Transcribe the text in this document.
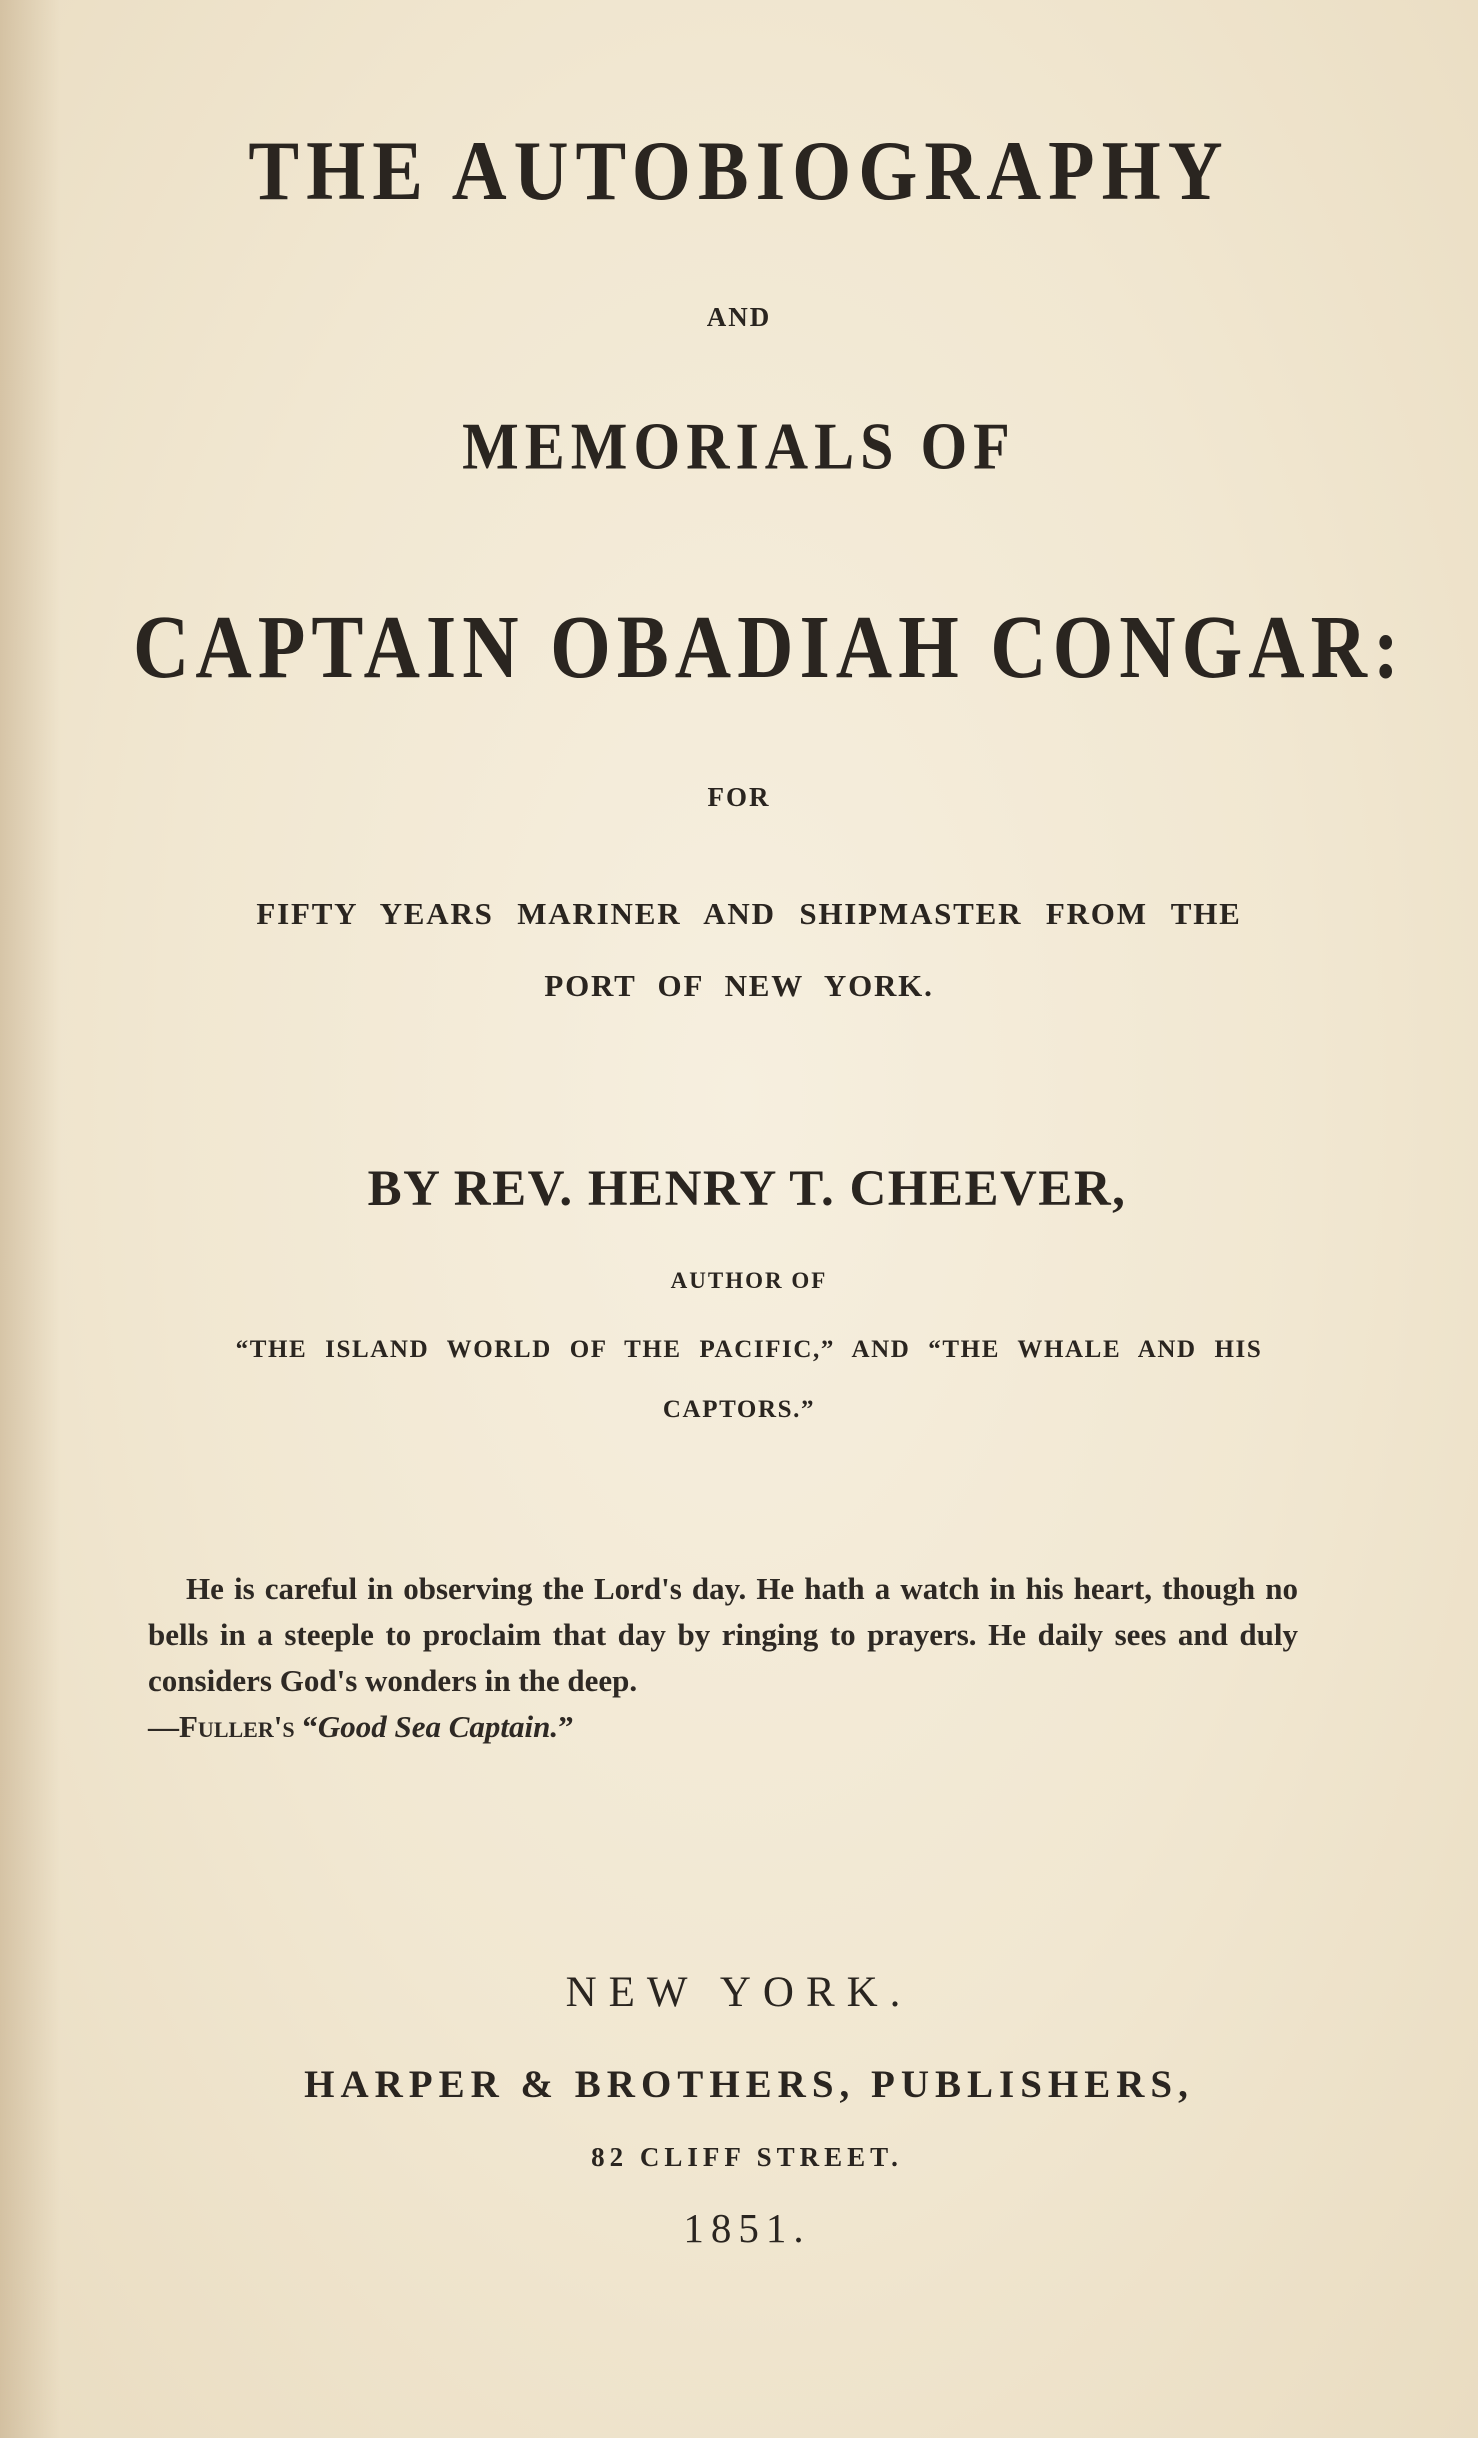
THE AUTOBIOGRAPHY
AND
MEMORIALS OF
CAPTAIN OBADIAH CONGAR:
FOR
FIFTY YEARS MARINER AND SHIPMASTER FROM THE
PORT OF NEW YORK.
BY REV. HENRY T. CHEEVER,
AUTHOR OF
“THE ISLAND WORLD OF THE PACIFIC,” AND “THE WHALE AND HIS
CAPTORS.”

He is careful in observing the Lord's day. He hath a watch in his heart, though no bells in a steeple to proclaim that day by ringing to prayers. He daily sees and duly considers God's wonders in the deep.
—Fuller's “Good Sea Captain.”

NEW YORK.
HARPER & BROTHERS, PUBLISHERS,
82 CLIFF STREET.
1851.
